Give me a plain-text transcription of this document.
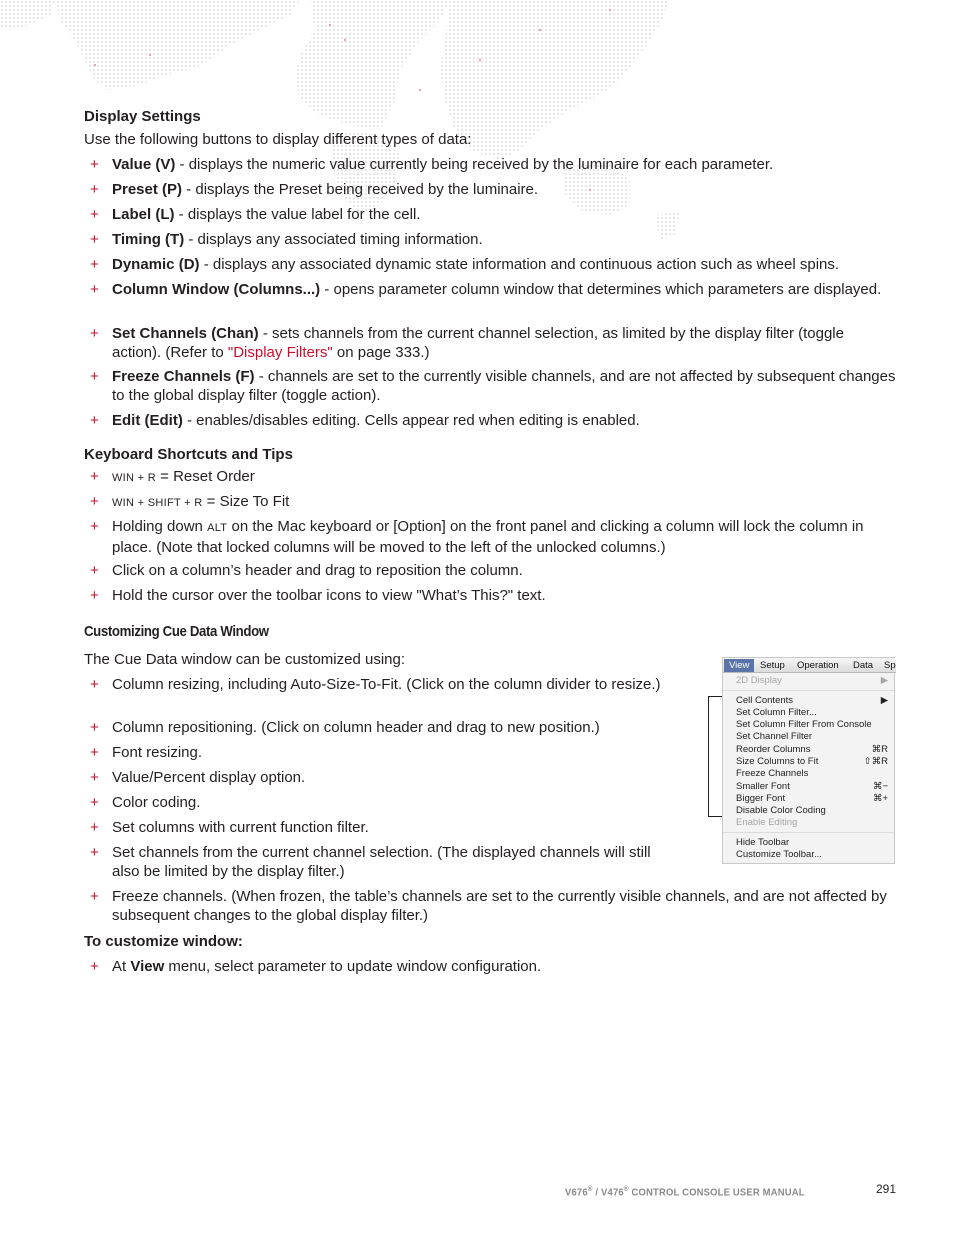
Display Settings
Use the following buttons to display different types of data:
+ Value (V) - displays the numeric value currently being received by the luminaire for each parameter.
+ Preset (P) - displays the Preset being received by the luminaire.
+ Label (L) - displays the value label for the cell.
+ Timing (T) - displays any associated timing information.
+ Dynamic (D) - displays any associated dynamic state information and continuous action such as wheel spins.
+ Column Window (Columns...) - opens parameter column window that determines which parameters are displayed.
+ Set Channels (Chan) - sets channels from the current channel selection, as limited by the display filter (toggle action). (Refer to "Display Filters" on page 333.)
+ Freeze Channels (F) - channels are set to the currently visible channels, and are not affected by subsequent changes to the global display filter (toggle action).
+ Edit (Edit) - enables/disables editing. Cells appear red when editing is enabled.
Keyboard Shortcuts and Tips
+ WIN + R = Reset Order
+ WIN + SHIFT + R = Size To Fit
+ Holding down ALT on the Mac keyboard or [Option] on the front panel and clicking a column will lock the column in place. (Note that locked columns will be moved to the left of the unlocked columns.)
+ Click on a column’s header and drag to reposition the column.
+ Hold the cursor over the toolbar icons to view "What’s This?" text.
Customizing Cue Data Window
The Cue Data window can be customized using:
+ Column resizing, including Auto-Size-To-Fit. (Click on the column divider to resize.)
+ Column repositioning. (Click on column header and drag to new position.)
+ Font resizing.
+ Value/Percent display option.
+ Color coding.
+ Set columns with current function filter.
+ Set channels from the current channel selection. (The displayed channels will still also be limited by the display filter.)
+ Freeze channels. (When frozen, the table’s channels are set to the currently visible channels, and are not affected by subsequent changes to the global display filter.)
To customize window:
+ At View menu, select parameter to update window configuration.
View	Setup Operation Data Sp
2D Display	▶
Cell Contents	▶
Set Column Filter...
Set Column Filter From Console
Set Channel Filter
Reorder Columns	⌘R
Size Columns to Fit	⇧⌘R
Freeze Channels
Smaller Font	⌘−
Bigger Font	⌘+
Disable Color Coding
Enable Editing
Hide Toolbar
Customize Toolbar...
V676® / V476® CONTROL CONSOLE USER MANUAL	291
